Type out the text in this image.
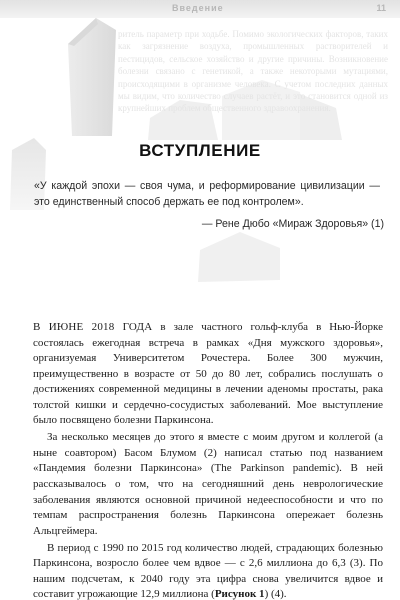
Введение	11
ритель параметр при ходьбе. Помимо экологических факторов, таких как загрязнение воздуха, промышленных растворителей и пестицидов, сельское хозяйство и другие причины. Возникновение болезни связано с генетикой, а также некоторыми мутациями, происходящими в организме человека. С учетом последних данных мы видим, что количество случаев растёт, и это становится одной из крупнейших проблем общественного здравоохранения.
ВСТУПЛЕНИЕ
«У каждой эпохи — своя чума, и реформирование цивилизации — это единственный способ держать ее под контролем».
— Рене Дюбо «Мираж Здоровья» (1)

В ИЮНЕ 2018 ГОДА в зале частного гольф-клуба в Нью-Йорке состоялась ежегодная встреча в рамках «Дня мужского здоровья», организуемая Университетом Рочестера. Более 300 мужчин, преимущественно в возрасте от 50 до 80 лет, собрались послушать о достижениях современной медицины в лечении аденомы простаты, рака толстой кишки и сердечно-сосудистых заболеваний. Мое выступление было посвящено болезни Паркинсона.

За несколько месяцев до этого я вместе с моим другом и коллегой (а ныне соавтором) Басом Блумом (2) написал статью под названием «Пандемия болезни Паркинсона» (The Parkinson pandemic). В ней рассказывалось о том, что на сегодняшний день неврологические заболевания являются основной причиной недееспособности и что по темпам распространения болезнь Паркинсона опережает болезнь Альцгеймера.

В период с 1990 по 2015 год количество людей, страдающих болезнью Паркинсона, возросло более чем вдвое — с 2,6 миллиона до 6,3 (3). По нашим подсчетам, к 2040 году эта цифра снова увеличится вдвое и составит угрожающие 12,9 миллиона (Рисунок 1) (4).
